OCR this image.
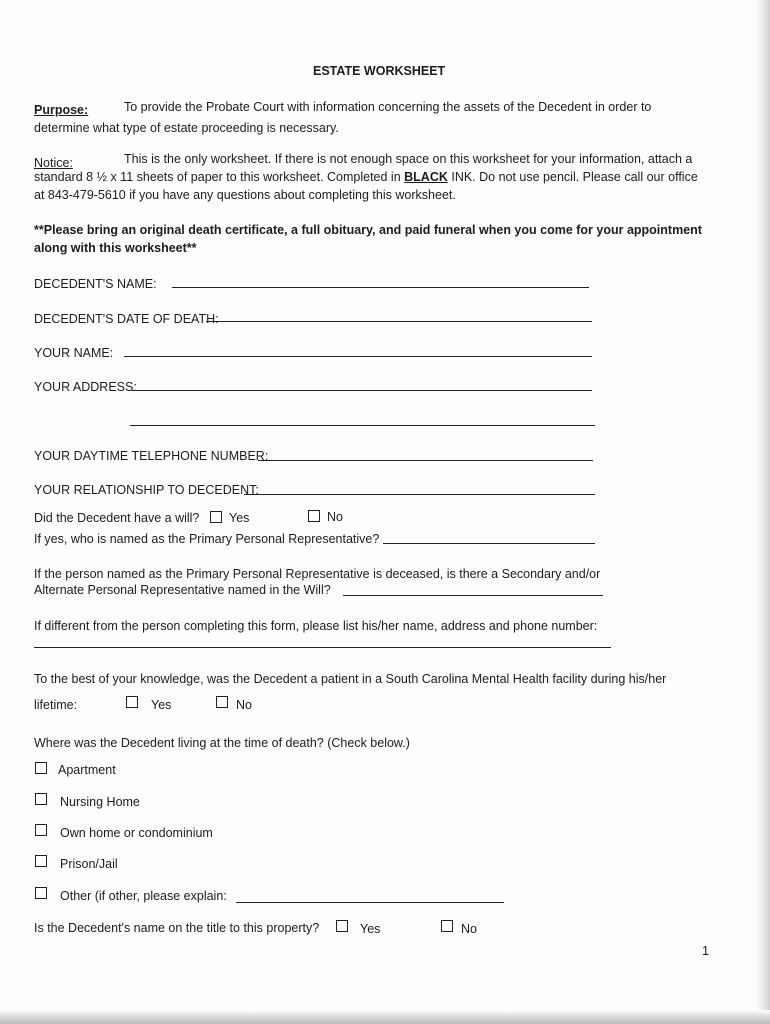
ESTATE WORKSHEET
Purpose:	To provide the Probate Court with information concerning the assets of the Decedent in order to
determine what type of estate proceeding is necessary.
Notice:	This is the only worksheet. If there is not enough space on this worksheet for your information, attach a
standard 8 ½ x 11 sheets of paper to this worksheet. Completed in BLACK INK. Do not use pencil. Please call our office
at 843-479-5610 if you have any questions about completing this worksheet.
**Please bring an original death certificate, a full obituary, and paid funeral when you come for your appointment
along with this worksheet**
DECEDENT'S NAME:
DECEDENT'S DATE OF DEATH:
YOUR NAME:
YOUR ADDRESS:
YOUR DAYTIME TELEPHONE NUMBER:
YOUR RELATIONSHIP TO DECEDENT:
Did the Decedent have a will? Yes	No
If yes, who is named as the Primary Personal Representative?
If the person named as the Primary Personal Representative is deceased, is there a Secondary and/or
Alternate Personal Representative named in the Will?
If different from the person completing this form, please list his/her name, address and phone number:
To the best of your knowledge, was the Decedent a patient in a South Carolina Mental Health facility during his/her
lifetime:	Yes	No
Where was the Decedent living at the time of death? (Check below.)
Apartment
Nursing Home
Own home or condominium
Prison/Jail
Other (if other, please explain:
Is the Decedent's name on the title to this property?	Yes	No
1
